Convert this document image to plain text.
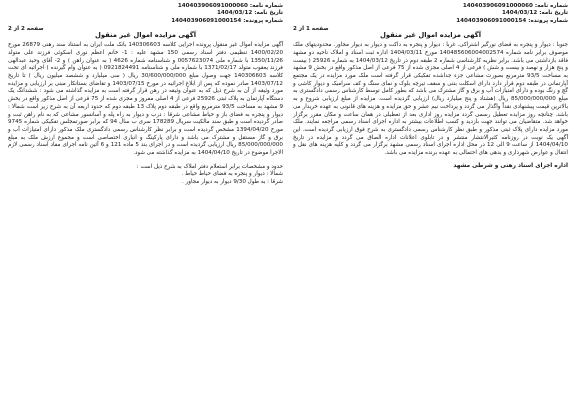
شماره نامه: 140403906091000060
تاریخ نامه: 1404/03/12
شماره پرونده: 140403906091000154
صفحه 1 از 2
آگهی مزایده اموال غیر منقول

جنوبا : دیوار و پنجره به فضای نورگیر اشتراکی. غربا : دیوار و پنجره به داکت و دیوار به دیوار مجاور. محدودیتهای ملک موصوف برابر نامه شماره 140485606004002574 مورخ 1404/03/11 اداره ثبت اسناد و املاک ناحیه دو مشهد فاقد بازداشتی می باشد. برابر نظریه کارشناسی شماره 2 طبقه دوم در تاریخ 1404/03/12 به شماره 25926 ( بیست و پنج هزار و نهصد و بیست و شش ) فرعی از 4 اصلی مجزی شده از 75 فرعی از اصل مذکور واقع در بخش 9 مشهد به مساحت 93/5 مترمربع بصورت مشاعی جزء جداشده تفکیکی قرار گرفته است ملک مورد مزایده در یک مجتمع آپارتمانی در طبقه دوم قرار دارد دارای اسکلت بتنی و سقف تیرچه بلوک و نمای سنگ و کف سرامیک و دیوار کاشی و گچ و رنگ بوده و دارای امتیازات آب و برق و گاز مشترک می باشد که بطور کامل توسط کارشناس رسمی دادگستری به مبلغ 85/000/000/000 ریال (هشتاد و پنج میلیارد ریال) ارزیابی گردیده است. مزایده از مبلغ ارزیابی شروع و به بالاترین قیمت پیشنهادی نقداً واگذار می گردد و پرداخت نیم عشر و حق مزایده و هزینه های قانونی به عهده خریدار می باشد. چنانچه روز مزایده تعطیل رسمی گردد مزایده روز اداری بعد از تعطیلی در همان ساعت و مکان مقرر برگزار خواهد شد. متقاضیان می توانند جهت بازدید و کسب اطلاعات بیشتر به اداره اجرای اسناد رسمی مراجعه نمایند. ملک مورد مزایده دارای پلاک ثبتی مذکور و طبق نظر کارشناس رسمی دادگستری به شرح فوق ارزیابی گردیده است. این آگهی یک نوبت در روزنامه کثیرالانتشار منتشر و در تابلوی اعلانات اداره الصاق می گردد و مزایده در تاریخ 1404/04/10 از ساعت 9 الی 12 در محل اداره اجرای اسناد رسمی مشهد برگزار می گردد و کلیه هزینه های نقل و انتقال و عوارض شهرداری و بدهی های احتمالی به عهده برنده مزایده می باشد.

اداره اجرای اسناد رهنی و شرطی مشهد
شماره نامه: 140403906091000060
تاریخ نامه: 1404/03/12
شماره پرونده: 140403906091000154
صفحه 2 از 2
آگهی مزایده اموال غیر منقول

آگهی مزایده اموال غیر منقول پرونده اجرایی کلاسه 140306603 بانک ملت ایران به استناد سند رهنی 26879 مورخ 1400/02/20 تنظیمی دفتر اسناد رسمی 150 مشهد علیه : 1- خانم اعظم نوری اسکوئی فرزند علی متولد 1350/11/26 با شماره ملی 0057623074 و شناسنامه شماره 4626 ( به عنوان راهن ) و 2- آقای وحید عبدالهی فرزند یعقوب متولد 1371/02/17 با شماره ملی و شناسنامه 0921824491 ( به عنوان وام گیرنده ) اجرائیه ای تحت کلاسه 140306603 جهت وصول مبلغ 30/600/000/000 ریال ( سی میلیارد و ششصد میلیون ریال ) تا تاریخ 1403/07/12 صادر نموده که پس از ابلاغ اجرائیه در مورخ 1403/07/15 و تقاضای بستانکار مبنی بر ارزیابی و مزایده مورد وثیقه از آن به شرح ذیل که به عنوان وثیقه در رهن قرار گرفته است به مزایده گذاشته می شود : ششدانگ یک دستگاه آپارتمان به پلاک ثبتی 25926 فرعی از 4 اصلی مفروز و مجزی شده از 75 فرعی از اصل مذکور واقع در بخش 9 مشهد به مساحت 93/5 مترمربع واقع در طبقه دوم پلاک 13 طبقه دوم که حدود اربعه آن به شرح زیر است شمالا : دیوار و پنجره به فضای باز و حیاط مشاعی شرقا : درب و دیوار به راه پله و آسانسور مشاعی که به نام راهن ثبت و صادر گردیده است و طبق سند مالکیت سریال 178289 سری ب سال 94 که برابر صورتمجلس تفکیکی شماره 9745 مورخ 1394/04/20 مشخص گردیده است و برابر نظر کارشناس رسمی دادگستری ملک مذکور دارای امتیازات آب و برق و گاز مستقل و مشترک می باشد و دارای پارکینگ و انباری اختصاصی است و مجموع ارزش ملک به مبلغ 85/000/000/000 ریال ارزیابی گردیده است و در اجرای بند 5 ماده 121 و 6 آئین نامه اجرای مفاد اسناد رسمی لازم الاجرا موضوع در تاریخ 1404/04/10 به مزایده گذاشته می شود.

حدود و مشخصات برابر استعلام دفتر املاک به شرح ذیل است :

شمالا : دیوار و پنجره به فضای حیاط حیاط .

شرقا : به طول 9/30 دیوار به دیوار مجاور .
